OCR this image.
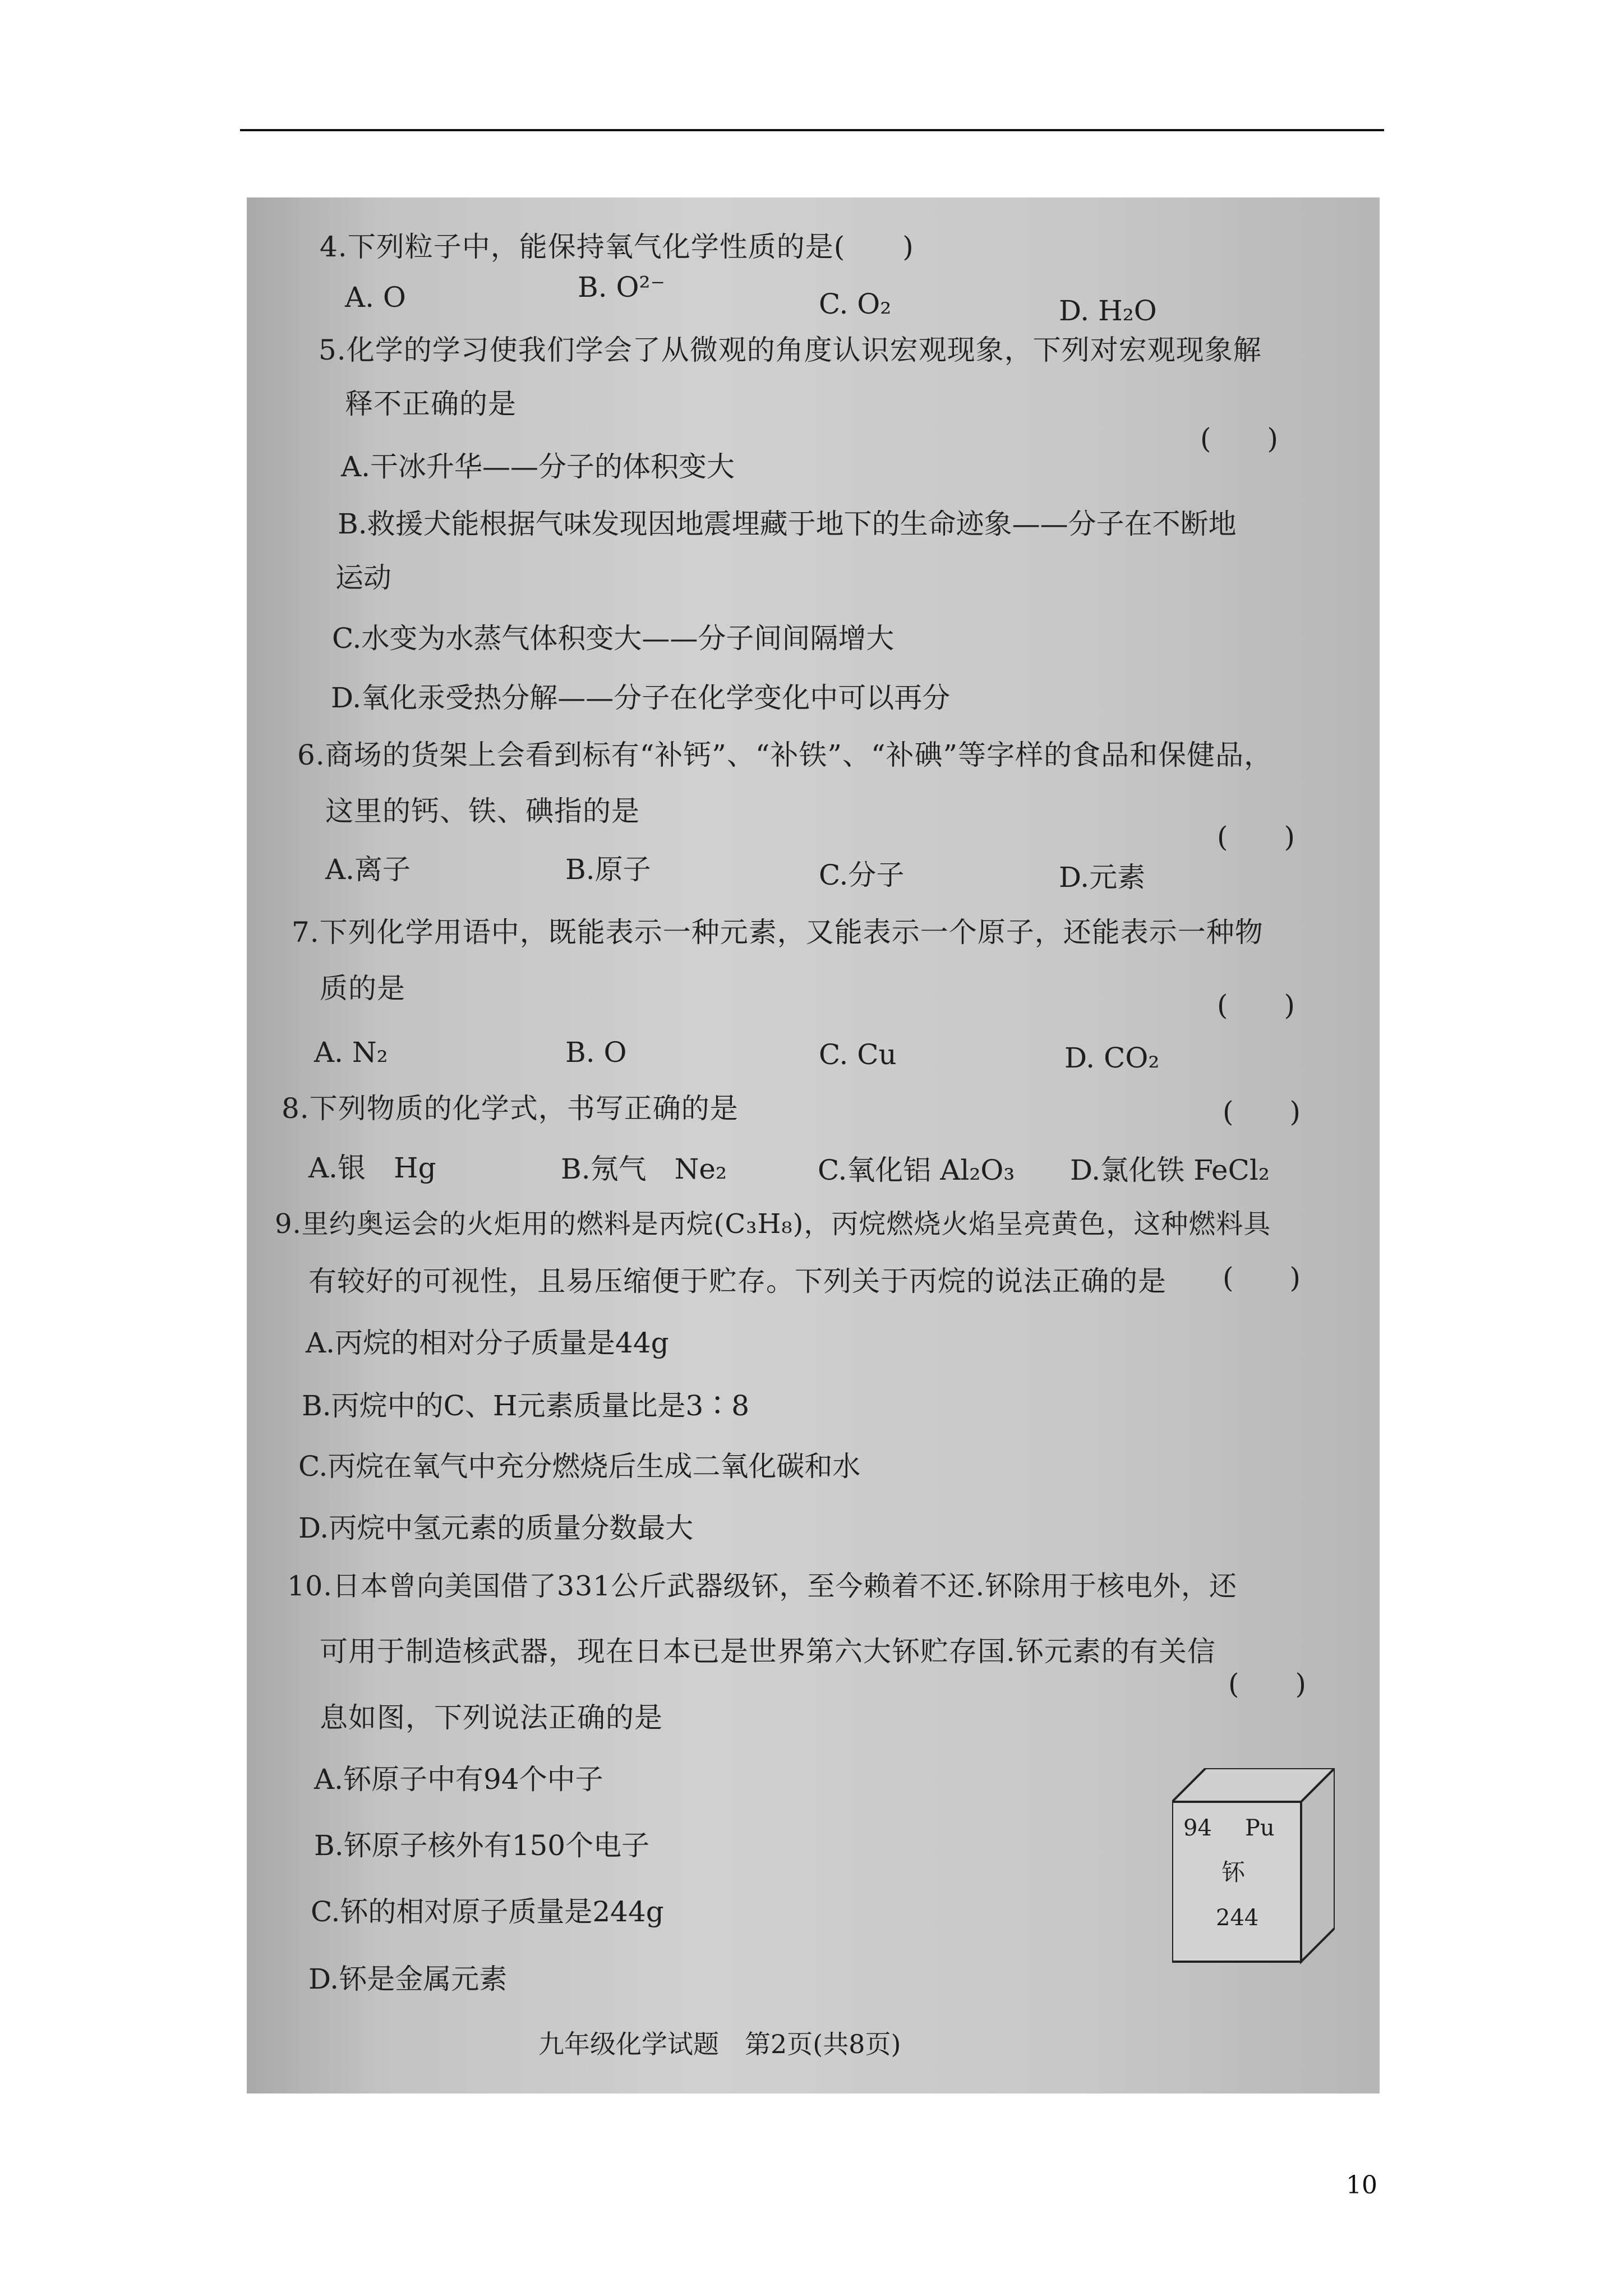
4.下列粒子中，能保持氧气化学性质的是(　　)
A. O	B. O²⁻
C. O₂	D. H₂O
5.化学的学习使我们学会了从微观的角度认识宏观现象，下列对宏观现象解
释不正确的是
(　　)
A.干冰升华——分子的体积变大
B.救援犬能根据气味发现因地震埋藏于地下的生命迹象——分子在不断地
运动
C.水变为水蒸气体积变大——分子间间隔增大
D.氧化汞受热分解——分子在化学变化中可以再分
6.商场的货架上会看到标有“补钙”、“补铁”、“补碘”等字样的食品和保健品，
这里的钙、铁、碘指的是
(　　)
A.离子	B.原子	C.分子	D.元素
7.下列化学用语中，既能表示一种元素，又能表示一个原子，还能表示一种物
质的是
(　　)
A. N₂	B. O	C. Cu	D. CO₂
8.下列物质的化学式，书写正确的是	(　　)
A.银　Hg	B.氖气　Ne₂	C.氧化铝 Al₂O₃ D.氯化铁 FeCl₂
9.里约奥运会的火炬用的燃料是丙烷(C₃H₈)，丙烷燃烧火焰呈亮黄色，这种燃料具
有较好的可视性，且易压缩便于贮存。下列关于丙烷的说法正确的是 (　　)
A.丙烷的相对分子质量是44g
B.丙烷中的C、H元素质量比是3∶8
C.丙烷在氧气中充分燃烧后生成二氧化碳和水
D.丙烷中氢元素的质量分数最大
10.日本曾向美国借了331公斤武器级钚，至今赖着不还.钚除用于核电外，还
可用于制造核武器，现在日本已是世界第六大钚贮存国.钚元素的有关信
息如图，下列说法正确的是
(　　)
A.钚原子中有94个中子
B.钚原子核外有150个电子
C.钚的相对原子质量是244g
D.钚是金属元素
94 Pu
钚
244
九年级化学试题　第2页(共8页)
10
